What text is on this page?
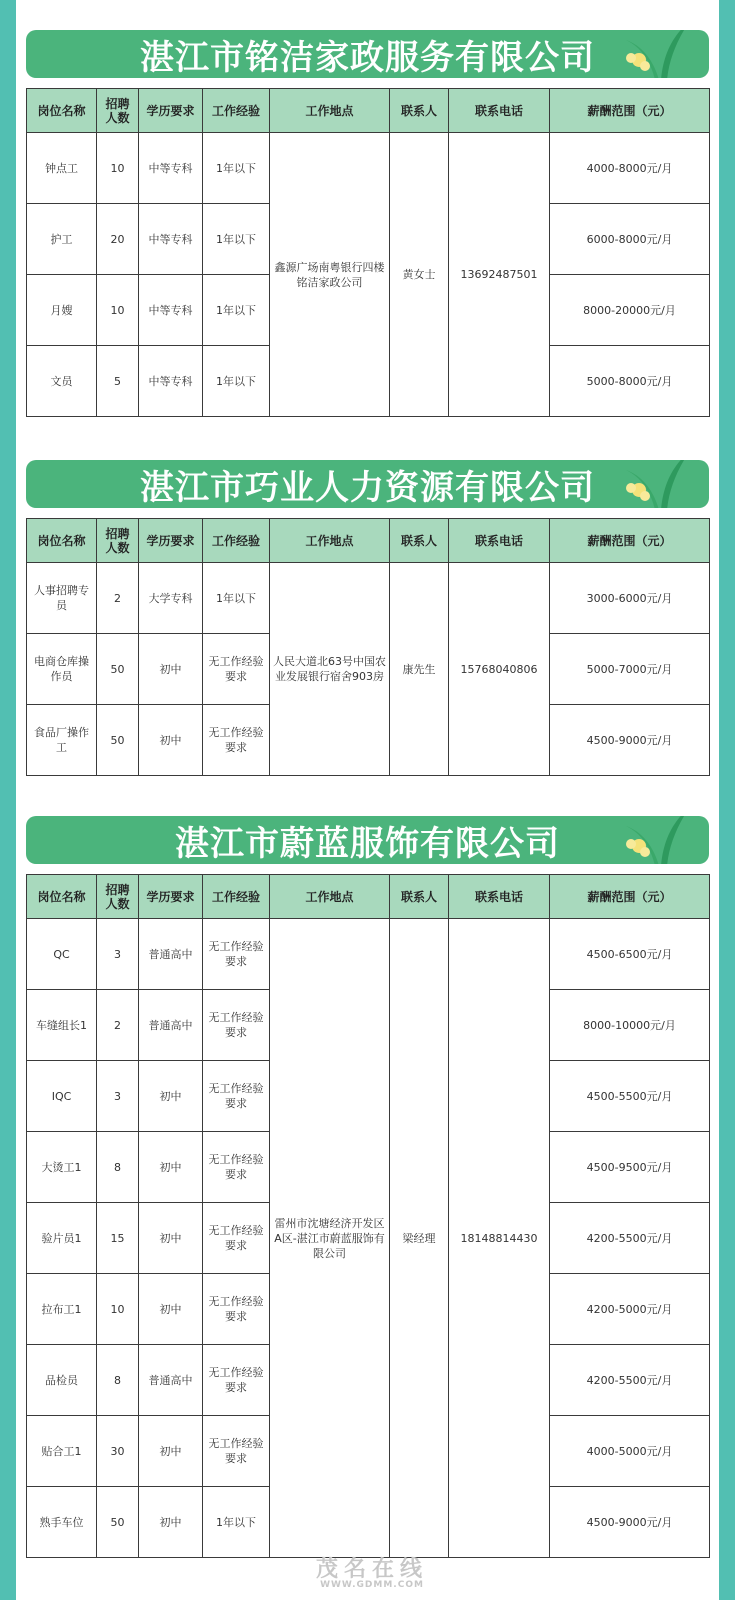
湛江市铭洁家政服务有限公司
岗位名称	招聘人数	学历要求	工作经验	工作地点	联系人	联系电话	薪酬范围（元）
钟点工	10	中等专科	1年以下	鑫源广场南粤银行四楼铭洁家政公司	黄女士	13692487501	4000-8000元/月
护工	20	中等专科	1年以下				6000-8000元/月
月嫂	10	中等专科	1年以下				8000-20000元/月
文员	5	中等专科	1年以下				5000-8000元/月
湛江市巧业人力资源有限公司
岗位名称	招聘人数	学历要求	工作经验	工作地点	联系人	联系电话	薪酬范围（元）
人事招聘专员	2	大学专科	1年以下	人民大道北63号中国农业发展银行宿舍903房	康先生	15768040806	3000-6000元/月
电商仓库操作员	50	初中	无工作经验要求				5000-7000元/月
食品厂操作工	50	初中	无工作经验要求				4500-9000元/月
湛江市蔚蓝服饰有限公司
岗位名称	招聘人数	学历要求	工作经验	工作地点	联系人	联系电话	薪酬范围（元）
QC	3	普通高中	无工作经验要求	雷州市沈塘经济开发区A区-湛江市蔚蓝服饰有限公司	梁经理	18148814430	4500-6500元/月
车缝组长1	2	普通高中	无工作经验要求				8000-10000元/月
IQC	3	初中	无工作经验要求				4500-5500元/月
大烫工1	8	初中	无工作经验要求				4500-9500元/月
验片员1	15	初中	无工作经验要求				4200-5500元/月
拉布工1	10	初中	无工作经验要求				4200-5000元/月
品检员	8	普通高中	无工作经验要求				4200-5500元/月
贴合工1	30	初中	无工作经验要求				4000-5000元/月
熟手车位	50	初中	1年以下				4500-9000元/月
茂名在线
WWW.GDMM.COM
